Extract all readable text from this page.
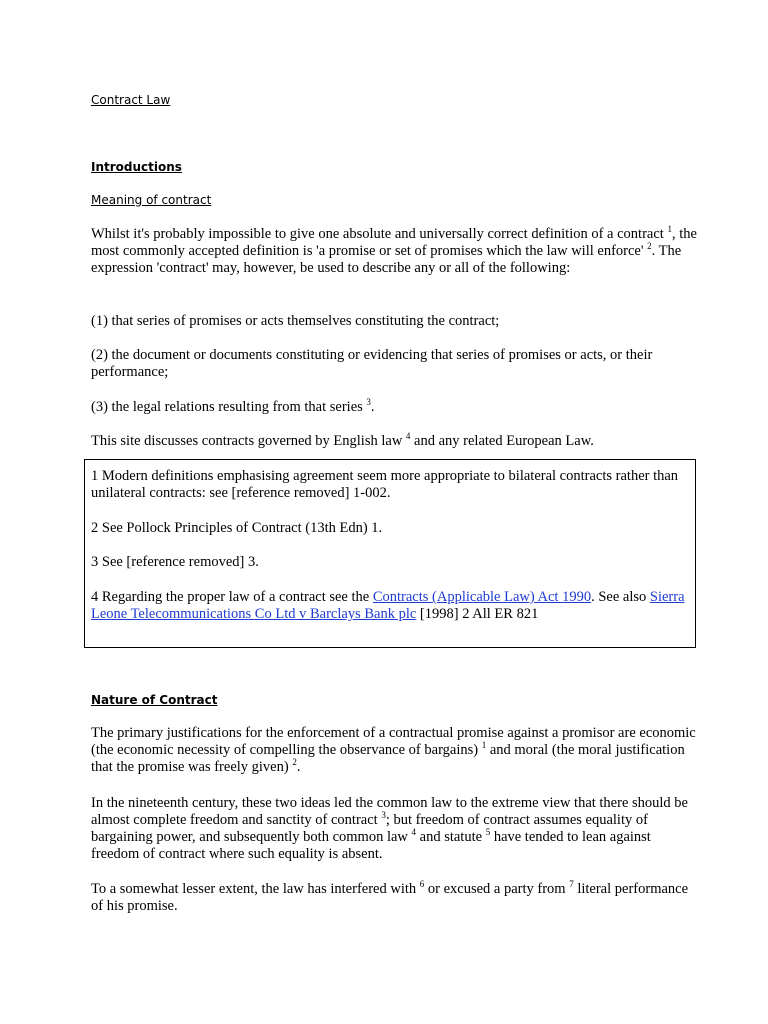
Contract Law
Introductions
Meaning of contract

Whilst it's probably impossible to give one absolute and universally correct definition of a contract $^1$, the most commonly accepted definition is 'a promise or set of promises which the law will enforce' $^2$. The expression 'contract' may, however, be used to describe any or all of the following:

(1) that series of promises or acts themselves constituting the contract;

(2) the document or documents constituting or evidencing that series of promises or acts, or their performance;

(3) the legal relations resulting from that series $^3$.

This site discusses contracts governed by English law $^4$ and any related European Law.

1 Modern definitions emphasising agreement seem more appropriate to bilateral contracts rather than unilateral contracts: see [reference removed] 1-002.

2 See Pollock Principles of Contract (13th Edn) 1.

3 See [reference removed] 3.

4 Regarding the proper law of a contract see the Contracts (Applicable Law) Act 1990. See also Sierra Leone Telecommunications Co Ltd v Barclays Bank plc [1998] 2 All ER 821

Nature of Contract

The primary justifications for the enforcement of a contractual promise against a promisor are economic (the economic necessity of compelling the observance of bargains) $^1$ and moral (the moral justification that the promise was freely given) $^2$.

In the nineteenth century, these two ideas led the common law to the extreme view that there should be almost complete freedom and sanctity of contract $^3$; but freedom of contract assumes equality of bargaining power, and subsequently both common law $^4$ and statute $^5$ have tended to lean against freedom of contract where such equality is absent.

To a somewhat lesser extent, the law has interfered with $^6$ or excused a party from $^7$ literal performance of his promise.
